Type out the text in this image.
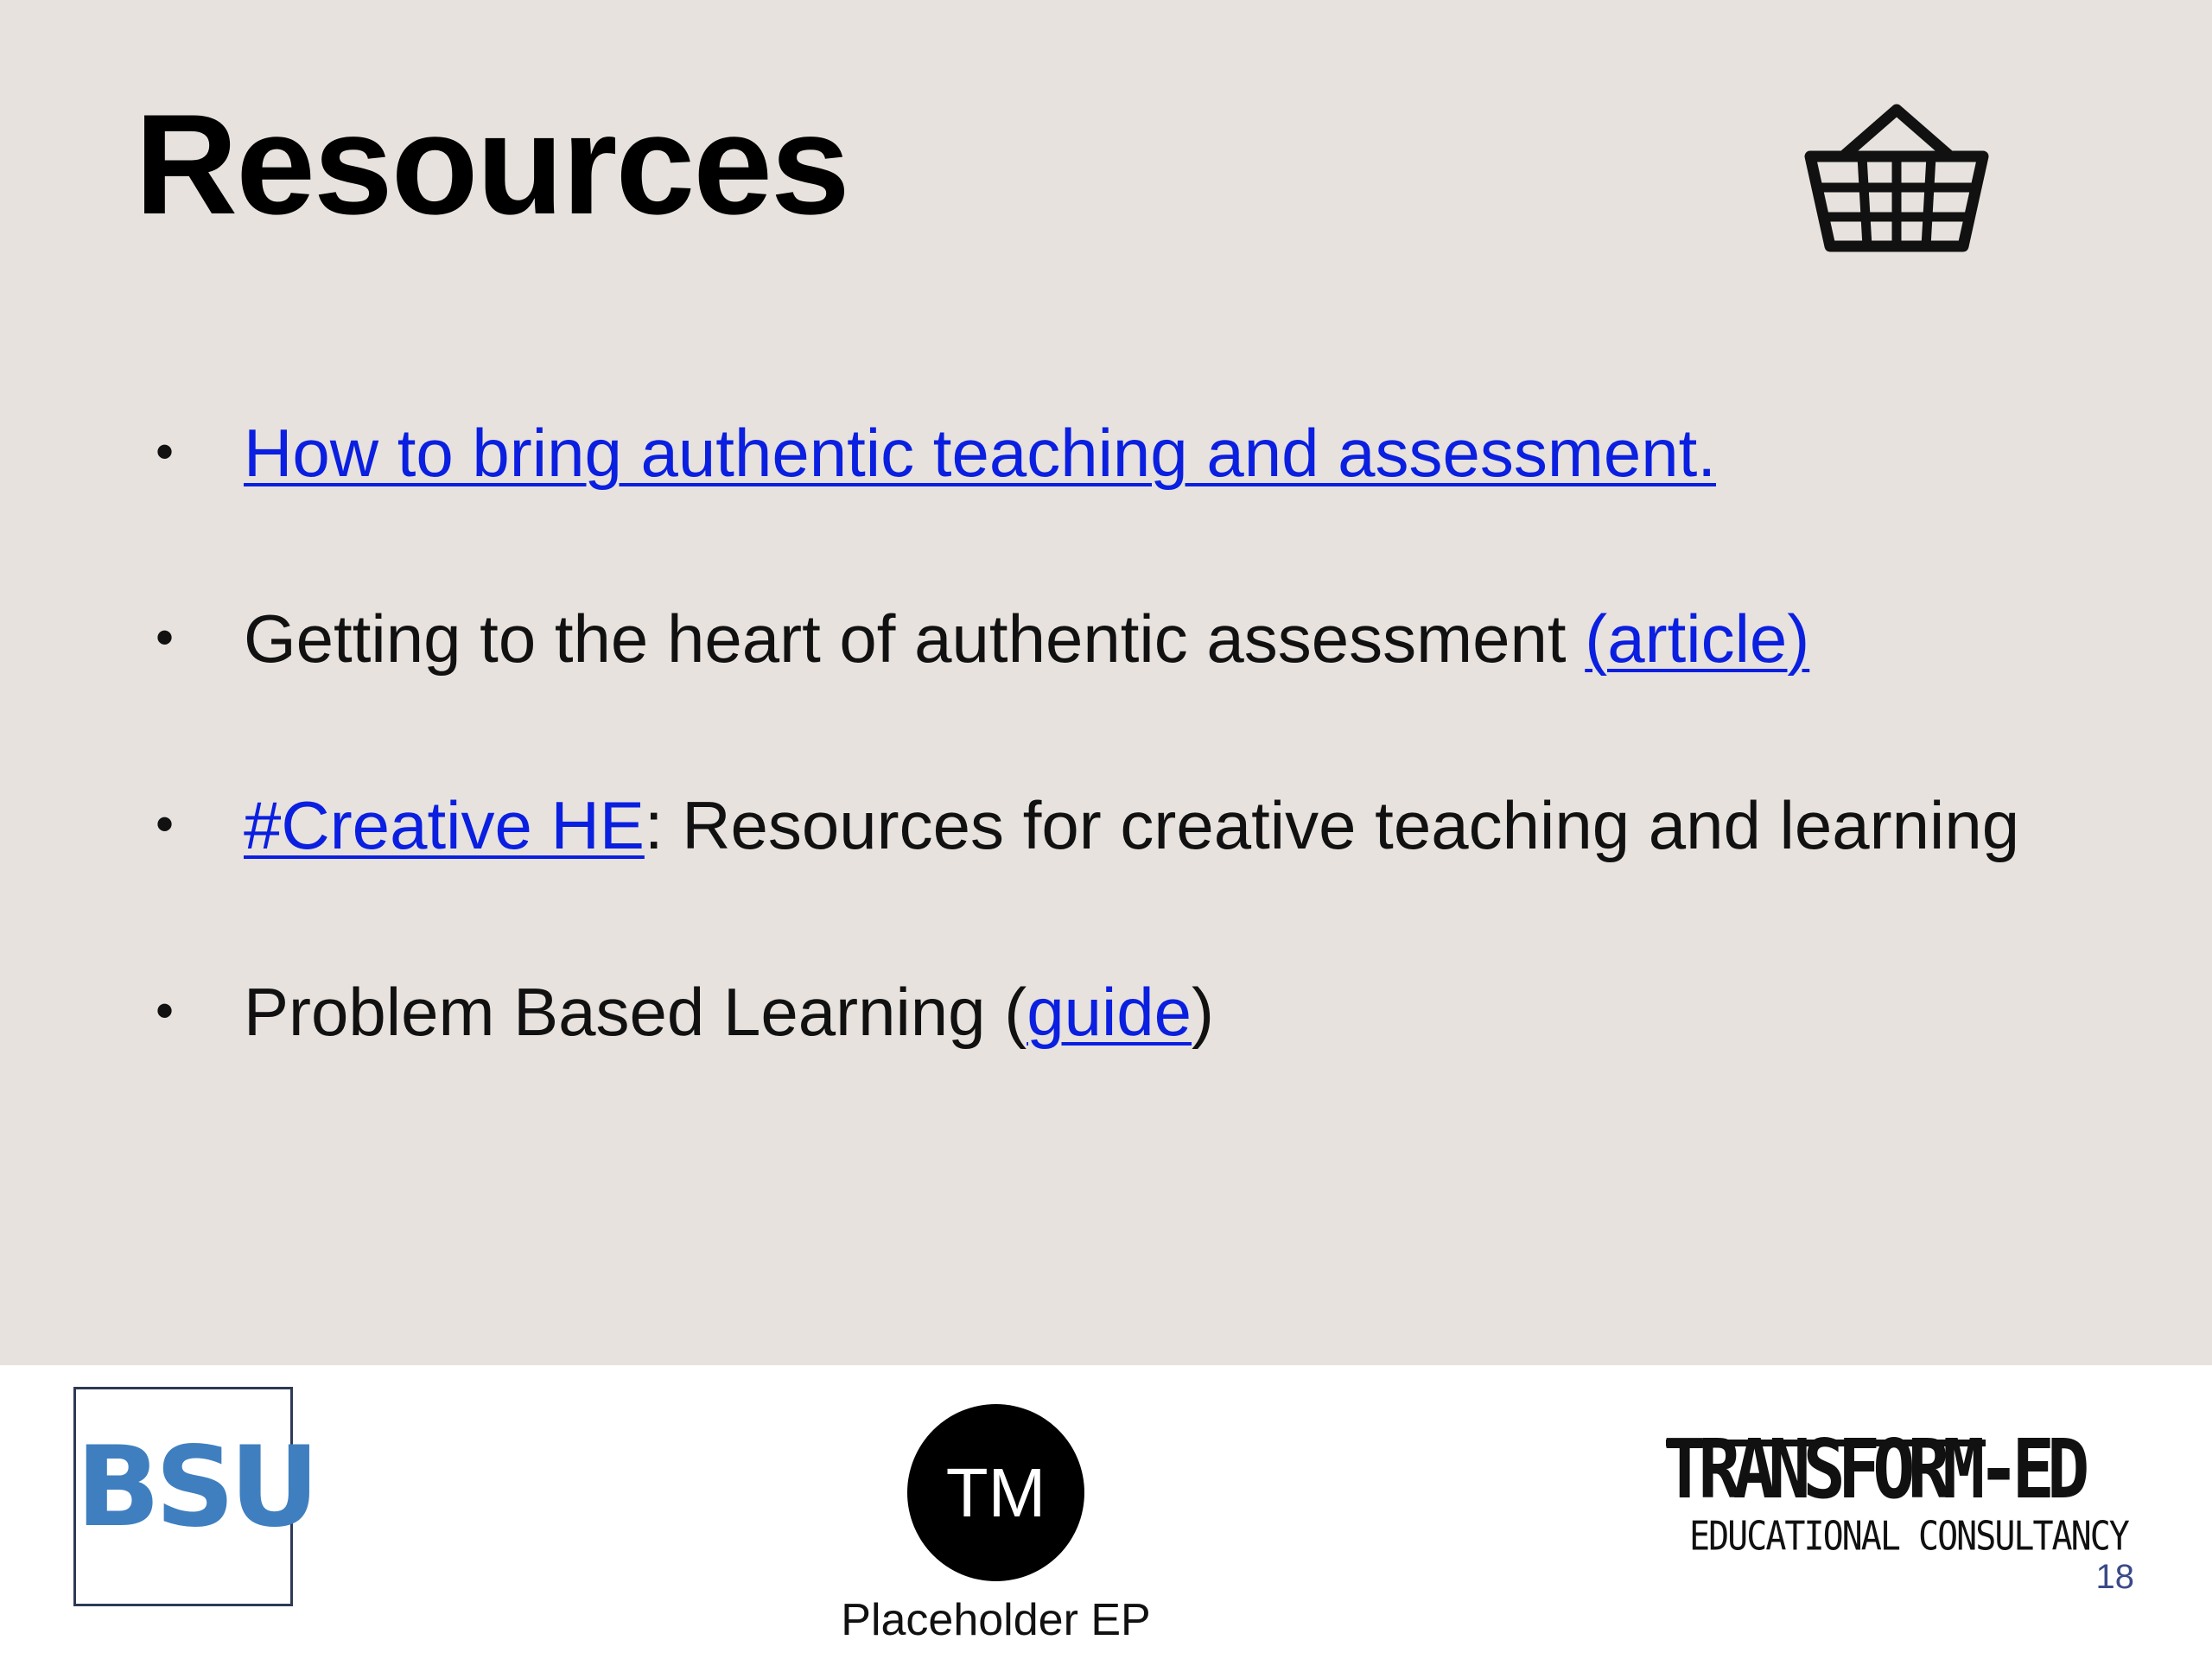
Resources
• How to bring authentic teaching and assessment.
• Getting to the heart of authentic assessment (article)
• #Creative HE: Resources for creative teaching and learning
• Problem Based Learning (guide)
BSU	TM
Placeholder EP
TRANSFORM-ED
EDUCATIONAL CONSULTANCY
18
